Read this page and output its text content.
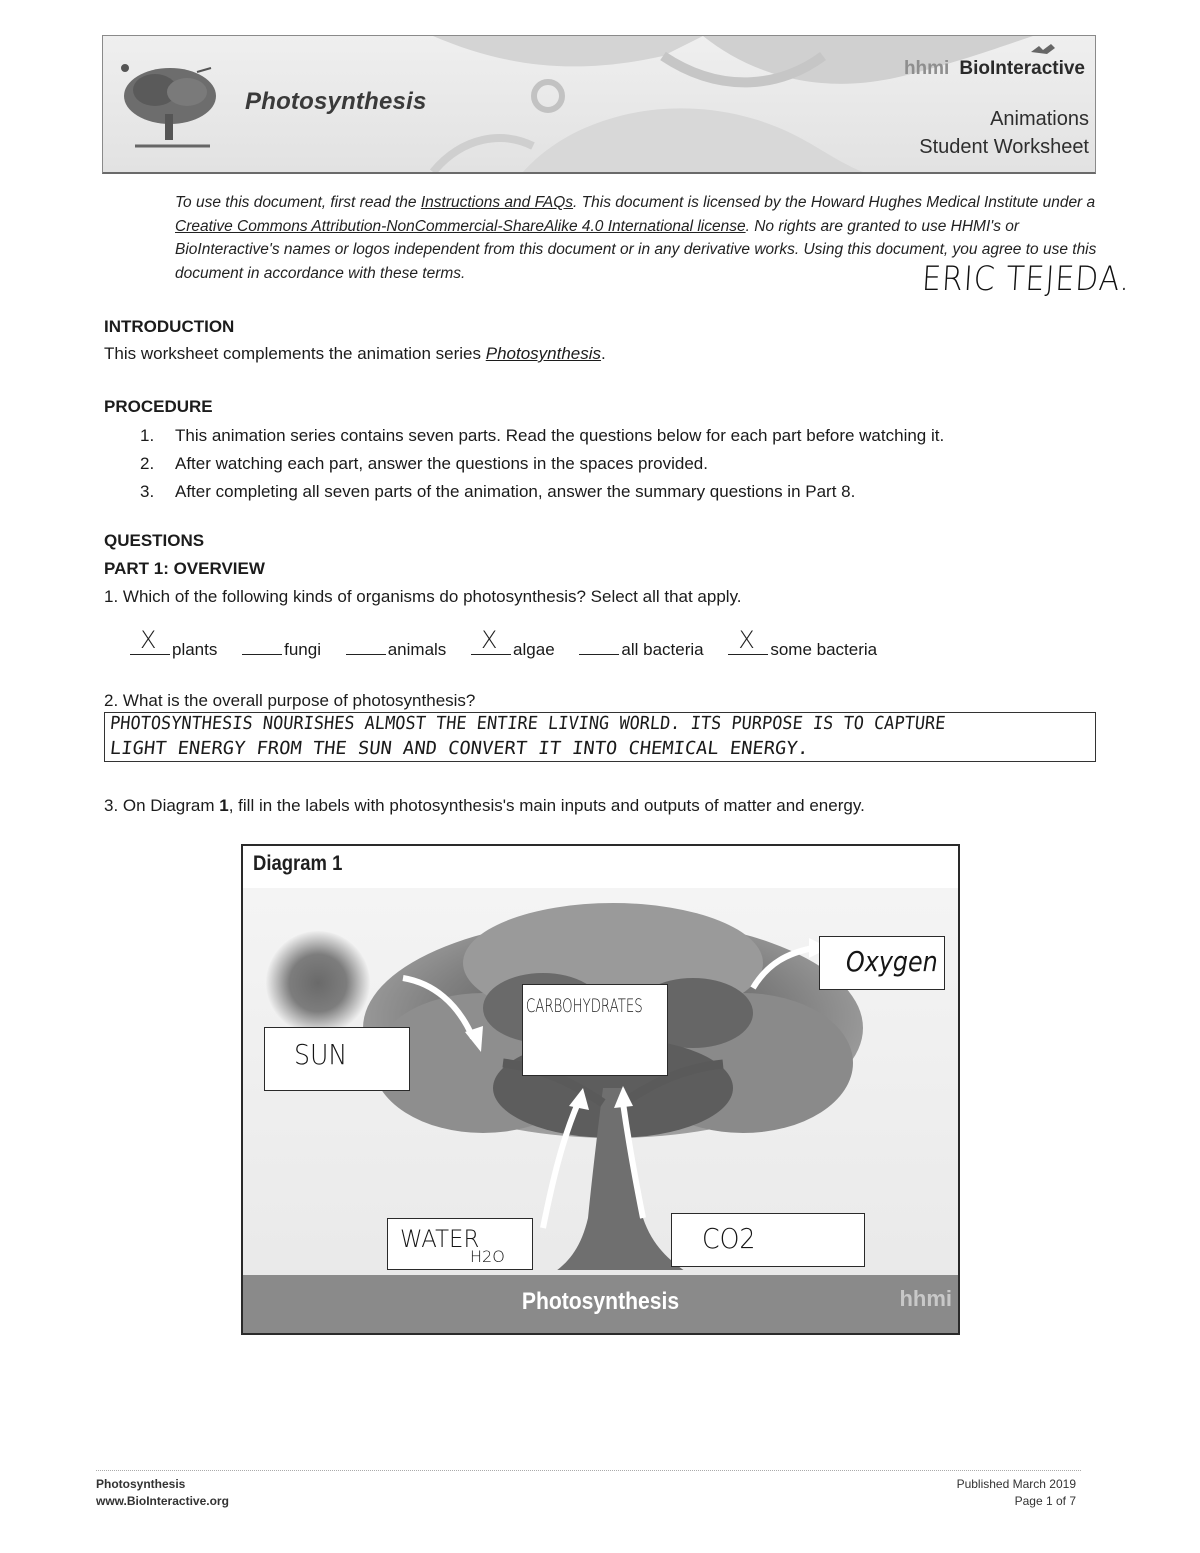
Photosynthesis
hhmi BioInteractive
Animations
Student Worksheet
To use this document, first read the Instructions and FAQs. This document is licensed by the Howard Hughes Medical Institute under a Creative Commons Attribution-NonCommercial-ShareAlike 4.0 International license. No rights are granted to use HHMI's or BioInteractive's names or logos independent from this document or in any derivative works. Using this document, you agree to use this document in accordance with these terms.	ERIC TEJEDA.
INTRODUCTION
This worksheet complements the animation series Photosynthesis.
PROCEDURE
1. This animation series contains seven parts. Read the questions below for each part before watching it.
2. After watching each part, answer the questions in the spaces provided.
3. After completing all seven parts of the animation, answer the summary questions in Part 8.
QUESTIONS
PART 1: OVERVIEW
1. Which of the following kinds of organisms do photosynthesis? Select all that apply.
X plants	fungi	animals X algae	all bacteria X some bacteria
2. What is the overall purpose of photosynthesis?
PHOTOSYNTHESIS NOURISHES ALMOST THE ENTIRE LIVING WORLD. ITS PURPOSE IS TO CAPTURE
LIGHT ENERGY FROM THE SUN AND CONVERT IT INTO CHEMICAL ENERGY.
3. On Diagram 1, fill in the labels with photosynthesis's main inputs and outputs of matter and energy.
Diagram 1
Photosynthesis	hhmi
SUN
CARBOHYDRATES
Oxygen
WATER
H2O
CO2
Photosynthesis
www.BioInteractive.org
Published March 2019
Page 1 of 7
